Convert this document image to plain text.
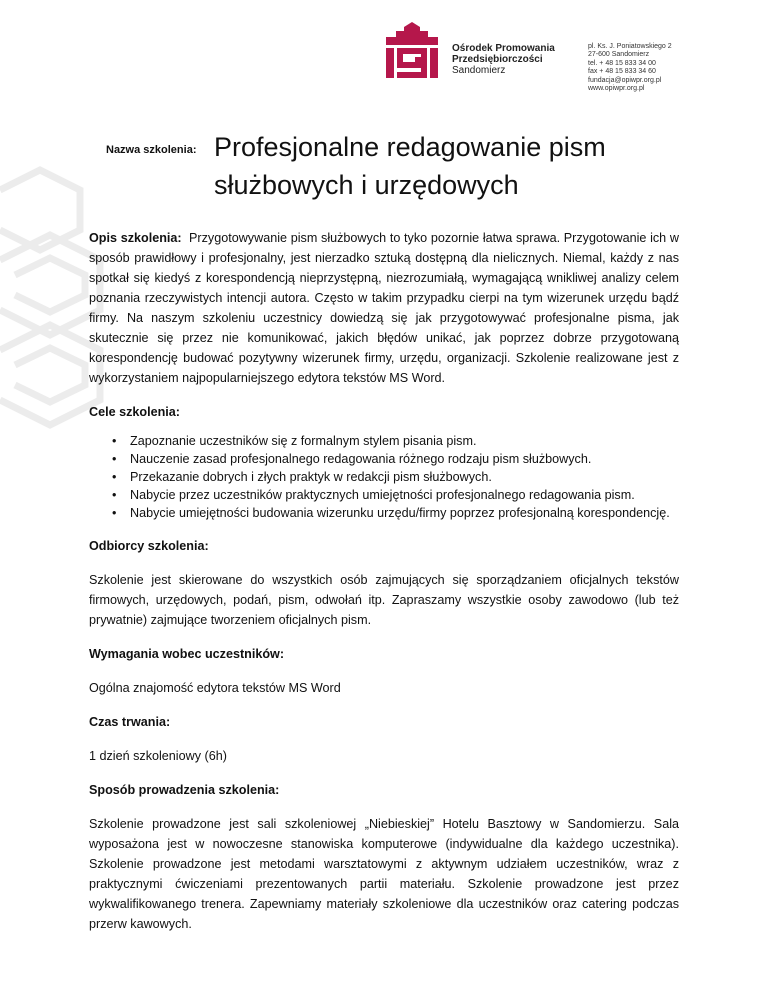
Ośrodek Promowania
Przedsiębiorczości
Sandomierz
pl. Ks. J. Poniatowskiego 2
27-600 Sandomierz
tel. + 48 15 833 34 00
fax + 48 15 833 34 60
fundacja@opiwpr.org.pl
www.opiwpr.org.pl
Nazwa szkolenia: Profesjonalne redagowanie pism
służbowych i urzędowych

Opis szkolenia: Przygotowywanie pism służbowych to tyko pozornie łatwa sprawa. Przygotowanie ich w sposób prawidłowy i profesjonalny, jest nierzadko sztuką dostępną dla nielicznych. Niemal, każdy z nas spotkał się kiedyś z korespondencją nieprzystępną, niezrozumiałą, wymagającą wnikliwej analizy celem poznania rzeczywistych intencji autora. Często w takim przypadku cierpi na tym wizerunek urzędu bądź firmy. Na naszym szkoleniu uczestnicy dowiedzą się jak przygotowywać profesjonalne pisma, jak skutecznie się przez nie komunikować, jakich błędów unikać, jak poprzez dobrze przygotowaną korespondencję budować pozytywny wizerunek firmy, urzędu, organizacji. Szkolenie realizowane jest z wykorzystaniem najpopularniejszego edytora tekstów MS Word.

Cele szkolenia:

• Zapoznanie uczestników się z formalnym stylem pisania pism.
• Nauczenie zasad profesjonalnego redagowania różnego rodzaju pism służbowych.
• Przekazanie dobrych i złych praktyk w redakcji pism służbowych.
• Nabycie przez uczestników praktycznych umiejętności profesjonalnego redagowania pism.
• Nabycie umiejętności budowania wizerunku urzędu/firmy poprzez profesjonalną korespondencję.

Odbiorcy szkolenia:

Szkolenie jest skierowane do wszystkich osób zajmujących się sporządzaniem oficjalnych tekstów firmowych, urzędowych, podań, pism, odwołań itp. Zapraszamy wszystkie osoby zawodowo (lub też prywatnie) zajmujące tworzeniem oficjalnych pism.

Wymagania wobec uczestników:

Ogólna znajomość edytora tekstów MS Word

Czas trwania:

1 dzień szkoleniowy (6h)

Sposób prowadzenia szkolenia:

Szkolenie prowadzone jest sali szkoleniowej „Niebieskiej” Hotelu Basztowy w Sandomierzu. Sala wyposażona jest w nowoczesne stanowiska komputerowe (indywidualne dla każdego uczestnika). Szkolenie prowadzone jest metodami warsztatowymi z aktywnym udziałem uczestników, wraz z praktycznymi ćwiczeniami prezentowanych partii materiału. Szkolenie prowadzone jest przez wykwalifikowanego trenera. Zapewniamy materiały szkoleniowe dla uczestników oraz catering podczas przerw kawowych.
